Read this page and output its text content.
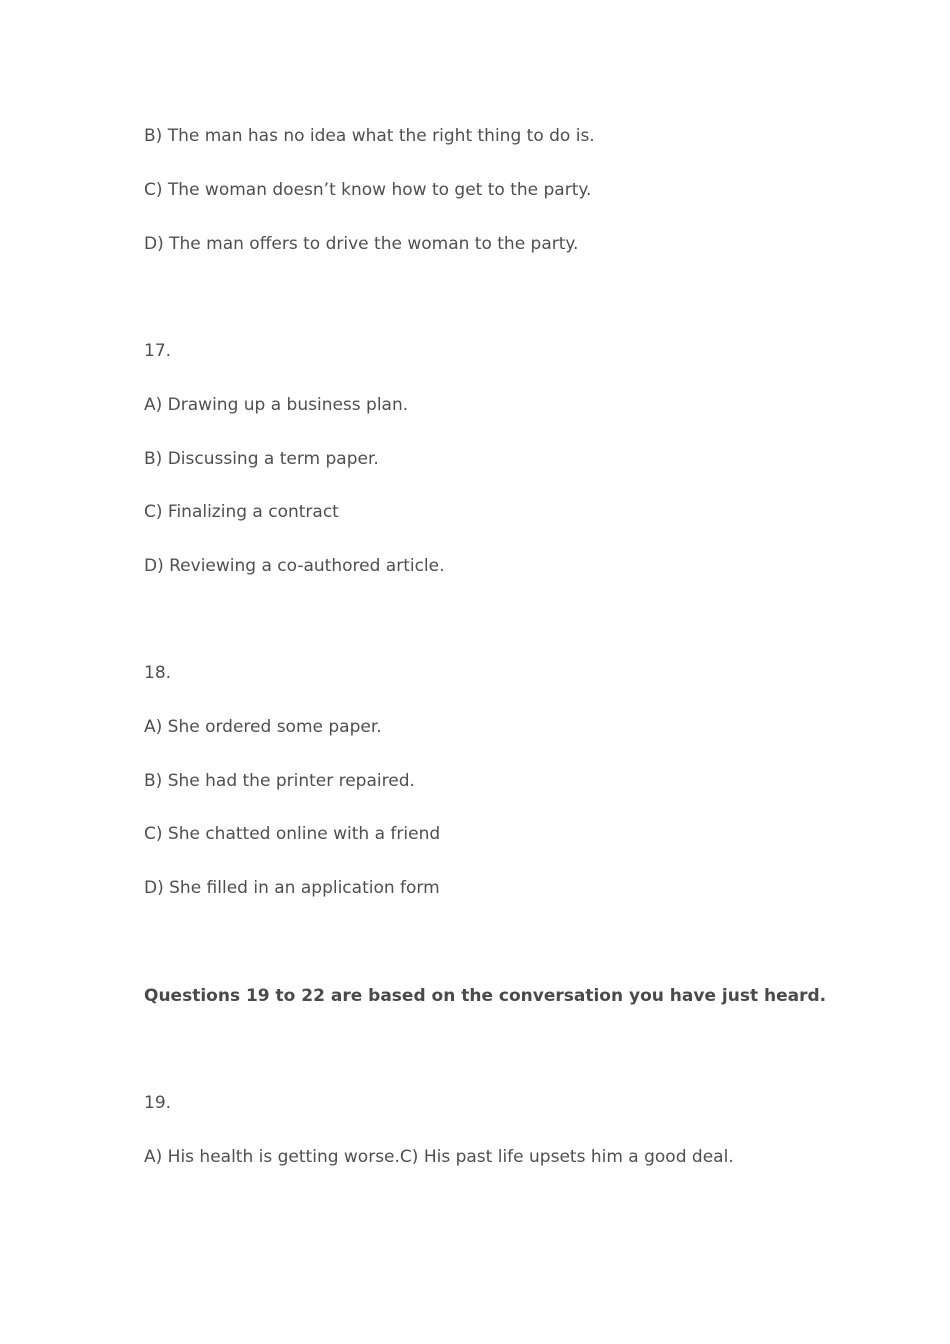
B) The man has no idea what the right thing to do is.
C) The woman doesn’t know how to get to the party.
D) The man offers to drive the woman to the party.
17.
A) Drawing up a business plan.
B) Discussing a term paper.
C) Finalizing a contract
D) Reviewing a co-authored article.
18.
A) She ordered some paper.
B) She had the printer repaired.
C) She chatted online with a friend
D) She filled in an application form
Questions 19 to 22 are based on the conversation you have just heard.
19.
A) His health is getting worse.C) His past life upsets him a good deal.
